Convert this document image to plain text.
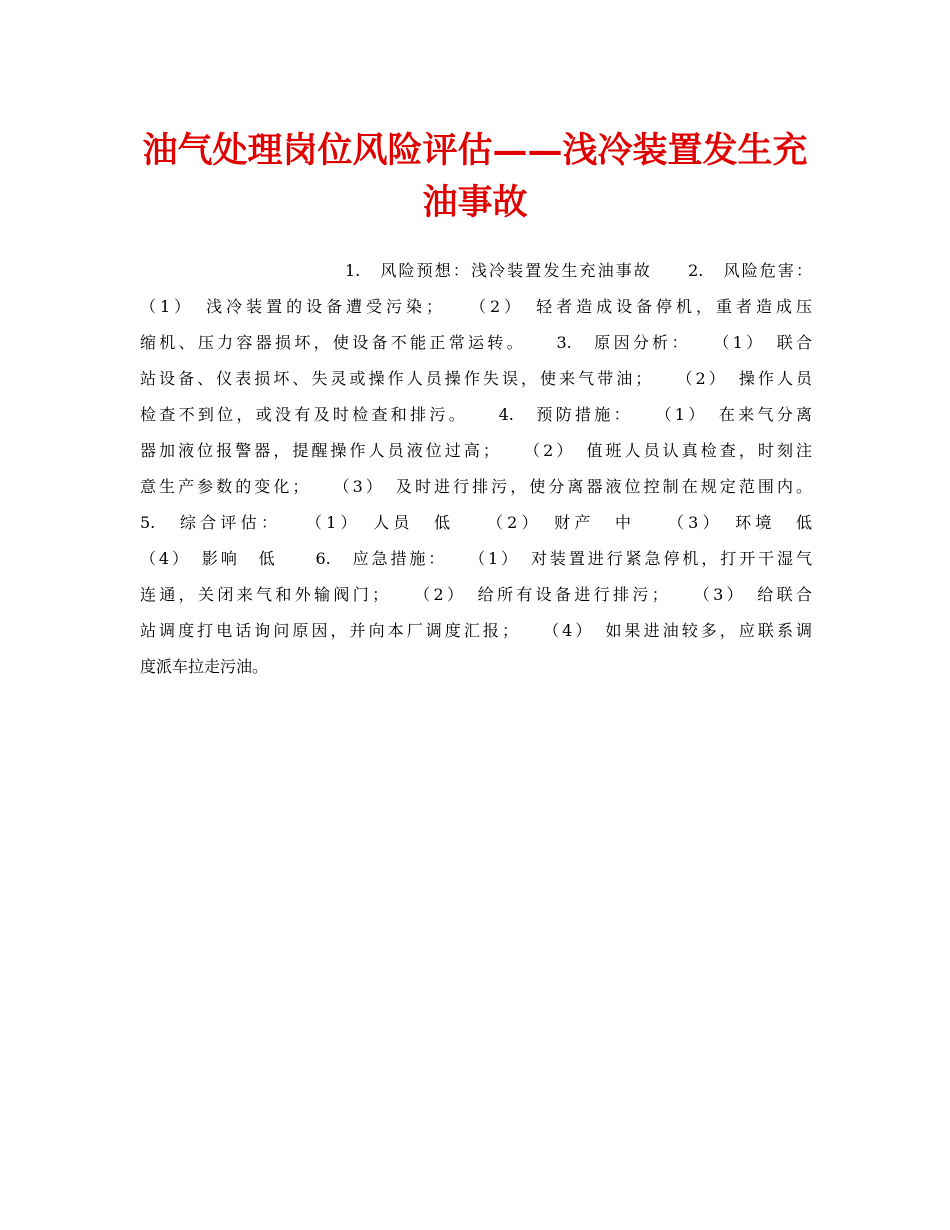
油气处理岗位风险评估——浅冷装置发生充
油事故
1.　风险预想：浅冷装置发生充油事故　　2.　风险危害：
（1）　浅冷装置的设备遭受污染；　　（2）　轻者造成设备停机，重者造成压
缩机、压力容器损坏，使设备不能正常运转。　　3.　原因分析：　　（1）　联合
站设备、仪表损坏、失灵或操作人员操作失误，使来气带油；　　（2）　操作人员
检查不到位，或没有及时检查和排污。　　4.　预防措施：　　（1）　在来气分离
器加液位报警器，提醒操作人员液位过高；　　（2）　值班人员认真检查，时刻注
意生产参数的变化；　　（3）　及时进行排污，使分离器液位控制在规定范围内。
5.　综合评估：　　（1）　人员　低　　（2）　财产　中　　（3）　环境　低
（4）　影响　低　　6.　应急措施：　　（1）　对装置进行紧急停机，打开干湿气
连通，关闭来气和外输阀门；　　（2）　给所有设备进行排污；　　（3）　给联合
站调度打电话询问原因，并向本厂调度汇报；　　（4）　如果进油较多，应联系调
度派车拉走污油。
